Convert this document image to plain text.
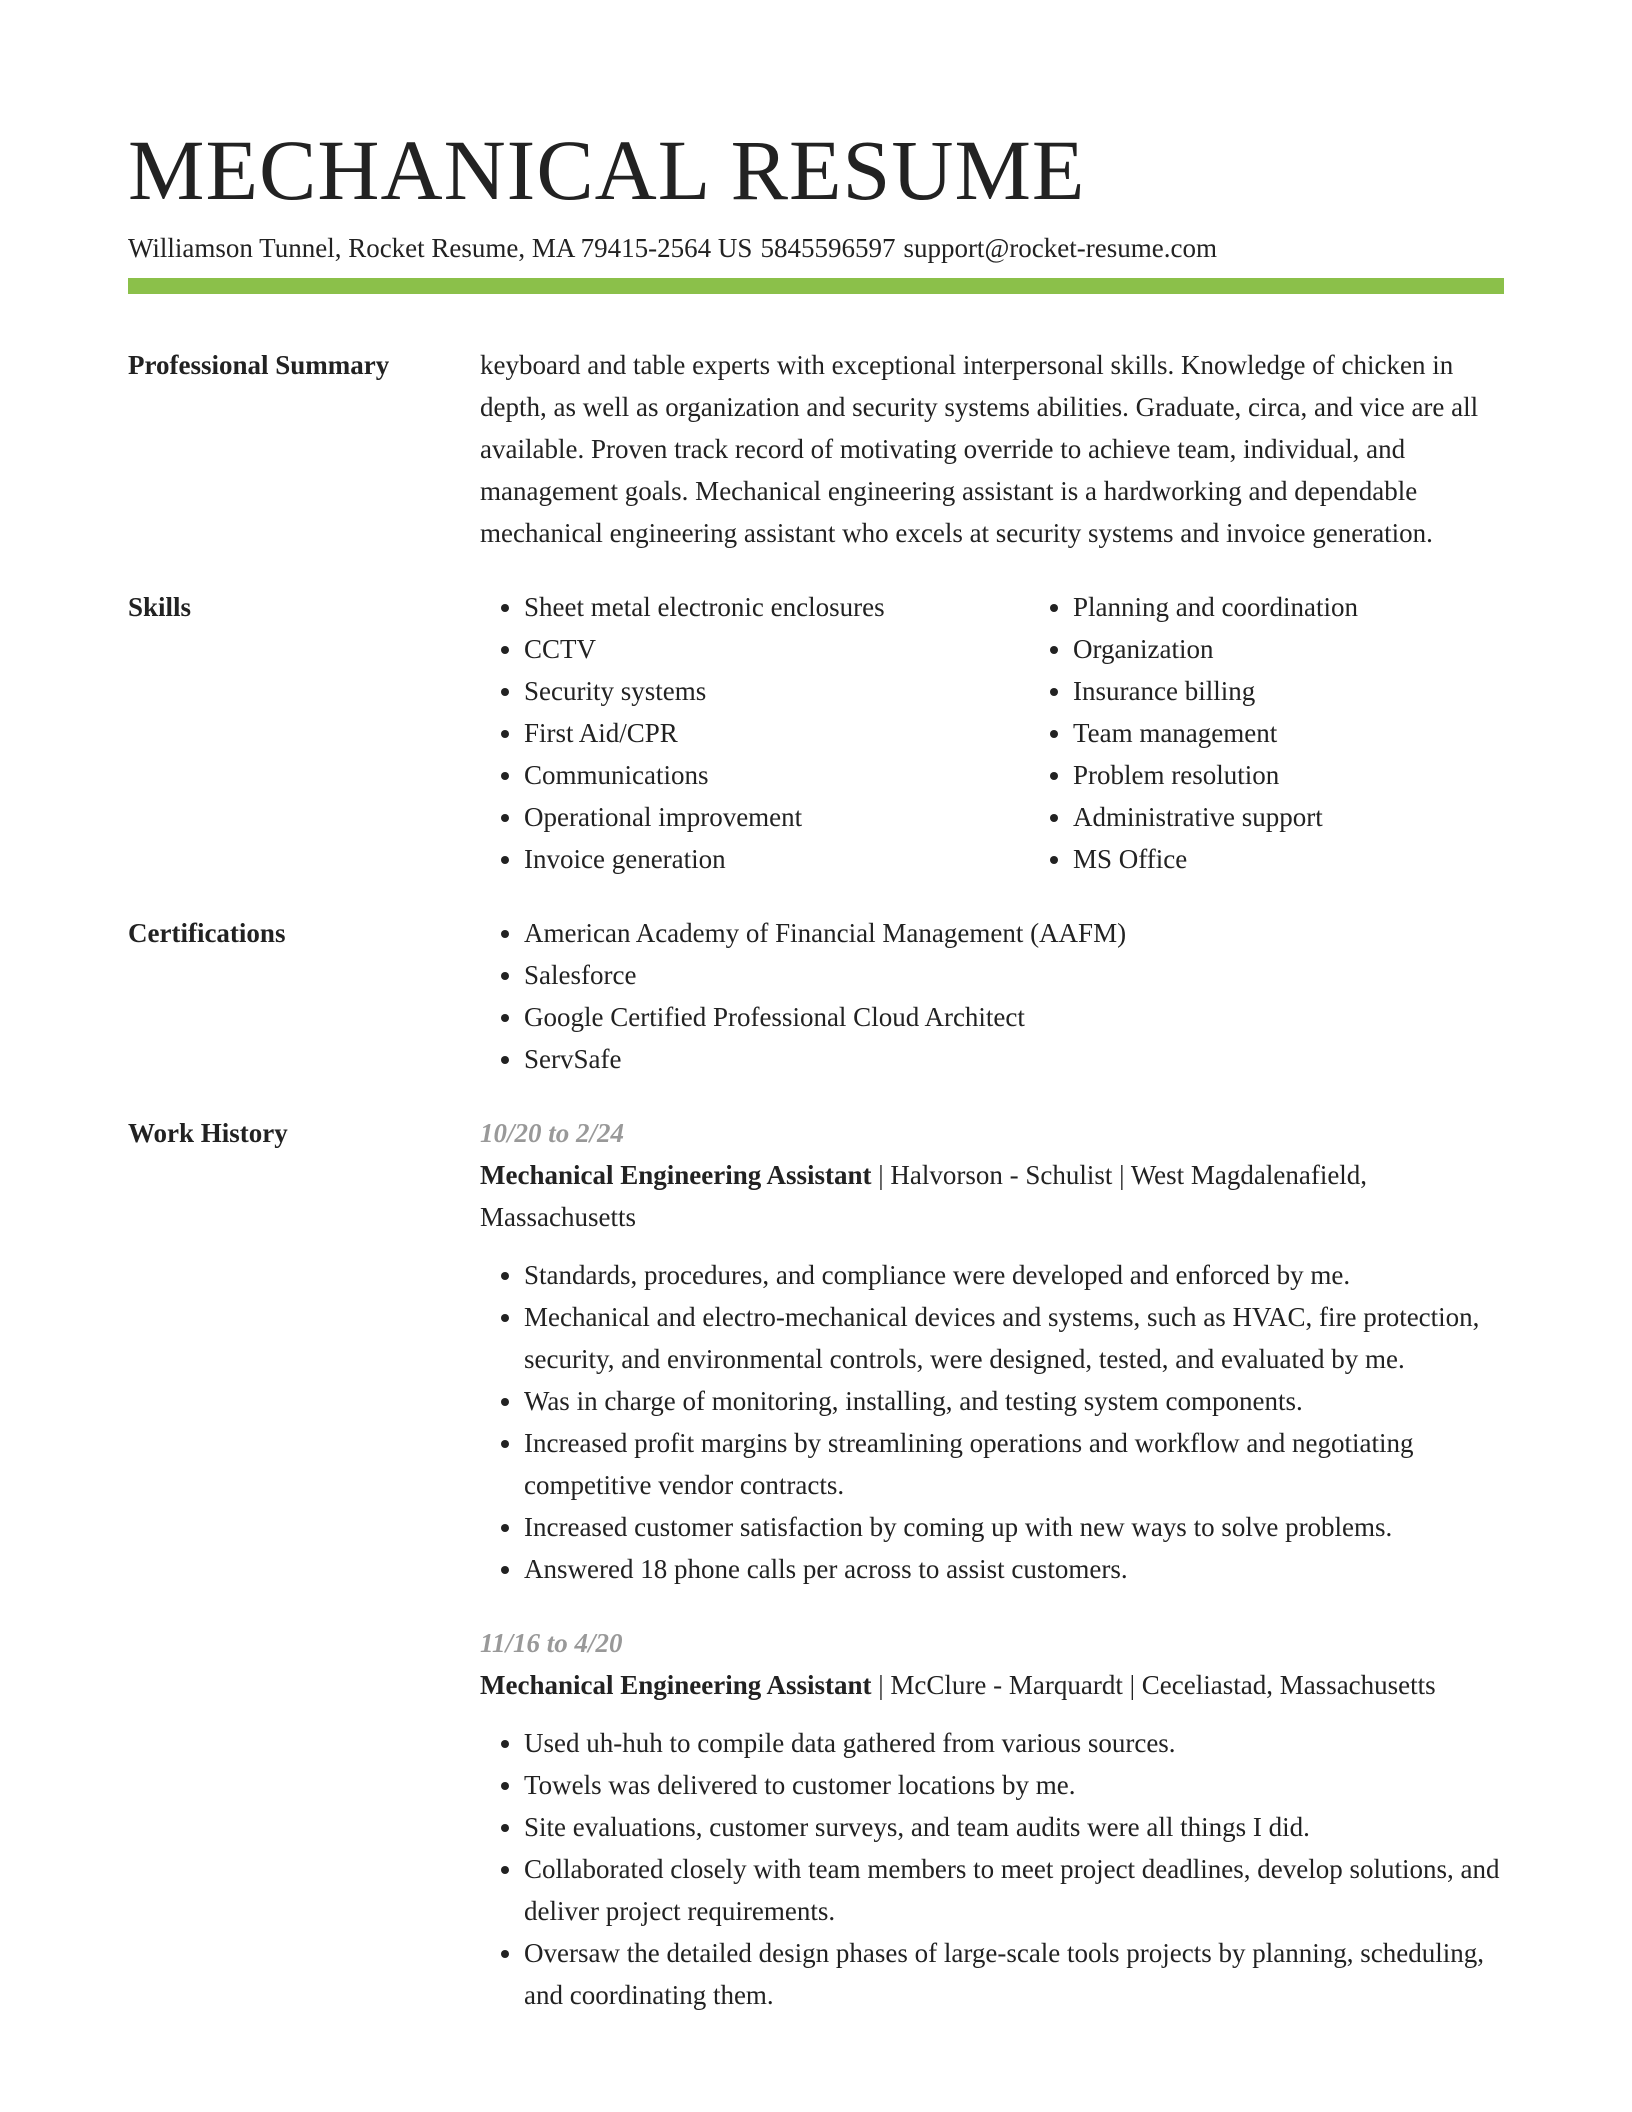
MECHANICAL RESUME
Williamson Tunnel, Rocket Resume, MA 79415-2564 US 5845596597 support@rocket-resume.com
Professional Summary	keyboard and table experts with exceptional interpersonal skills. Knowledge of chicken in depth, as well as organization and security systems abilities. Graduate, circa, and vice are all available. Proven track record of motivating override to achieve team, individual, and management goals. Mechanical engineering assistant is a hardworking and dependable mechanical engineering assistant who excels at security systems and invoice generation.
Skills	• Sheet metal electronic enclosures
• CCTV
• Security systems
• First Aid/CPR
• Communications
• Operational improvement
• Invoice generation
• Planning and coordination
• Organization
• Insurance billing
• Team management
• Problem resolution
• Administrative support
• MS Office
Certifications	• American Academy of Financial Management (AAFM)
• Salesforce
• Google Certified Professional Cloud Architect
• ServSafe
Work History	10/20 to 2/24
Mechanical Engineering Assistant | Halvorson - Schulist | West Magdalenafield, Massachusetts
• Standards, procedures, and compliance were developed and enforced by me.
• Mechanical and electro-mechanical devices and systems, such as HVAC, fire protection, security, and environmental controls, were designed, tested, and evaluated by me.
• Was in charge of monitoring, installing, and testing system components.
• Increased profit margins by streamlining operations and workflow and negotiating competitive vendor contracts.
• Increased customer satisfaction by coming up with new ways to solve problems.
• Answered 18 phone calls per across to assist customers.
11/16 to 4/20
Mechanical Engineering Assistant | McClure - Marquardt | Ceceliastad, Massachusetts
• Used uh-huh to compile data gathered from various sources.
• Towels was delivered to customer locations by me.
• Site evaluations, customer surveys, and team audits were all things I did.
• Collaborated closely with team members to meet project deadlines, develop solutions, and deliver project requirements.
• Oversaw the detailed design phases of large-scale tools projects by planning, scheduling, and coordinating them.
